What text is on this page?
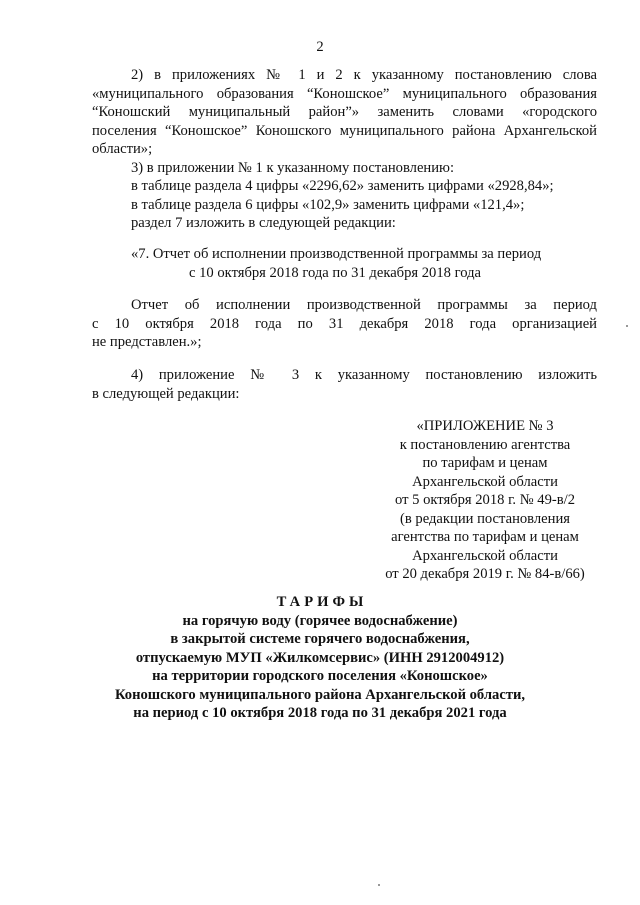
2
2) в приложениях № 1 и 2 к указанному постановлению слова
«муниципального образования “Коношское” муниципального образования
“Коношский муниципальный район”» заменить словами «городского
поселения “Коношское” Коношского муниципального района Архангельской
области»;
3) в приложении № 1 к указанному постановлению:
в таблице раздела 4 цифры «2296,62» заменить цифрами «2928,84»;
в таблице раздела 6 цифры «102,9» заменить цифрами «121,4»;
раздел 7 изложить в следующей редакции:
«7. Отчет об исполнении производственной программы за период
с 10 октября 2018 года по 31 декабря 2018 года
Отчет об исполнении производственной программы за период
с 10 октября 2018 года по 31 декабря 2018 года организацией
не представлен.»;
4) приложение № 3 к указанному постановлению изложить
в следующей редакции:
«ПРИЛОЖЕНИЕ № 3
к постановлению агентства
по тарифам и ценам
Архангельской области
от 5 октября 2018 г. № 49-в/2
(в редакции постановления
агентства по тарифам и ценам
Архангельской области
от 20 декабря 2019 г. № 84-в/66)
ТАРИФЫ
на горячую воду (горячее водоснабжение)
в закрытой системе горячего водоснабжения,
отпускаемую МУП «Жилкомсервис» (ИНН 2912004912)
на территории городского поселения «Коношское»
Коношского муниципального района Архангельской области,
на период с 10 октября 2018 года по 31 декабря 2021 года
